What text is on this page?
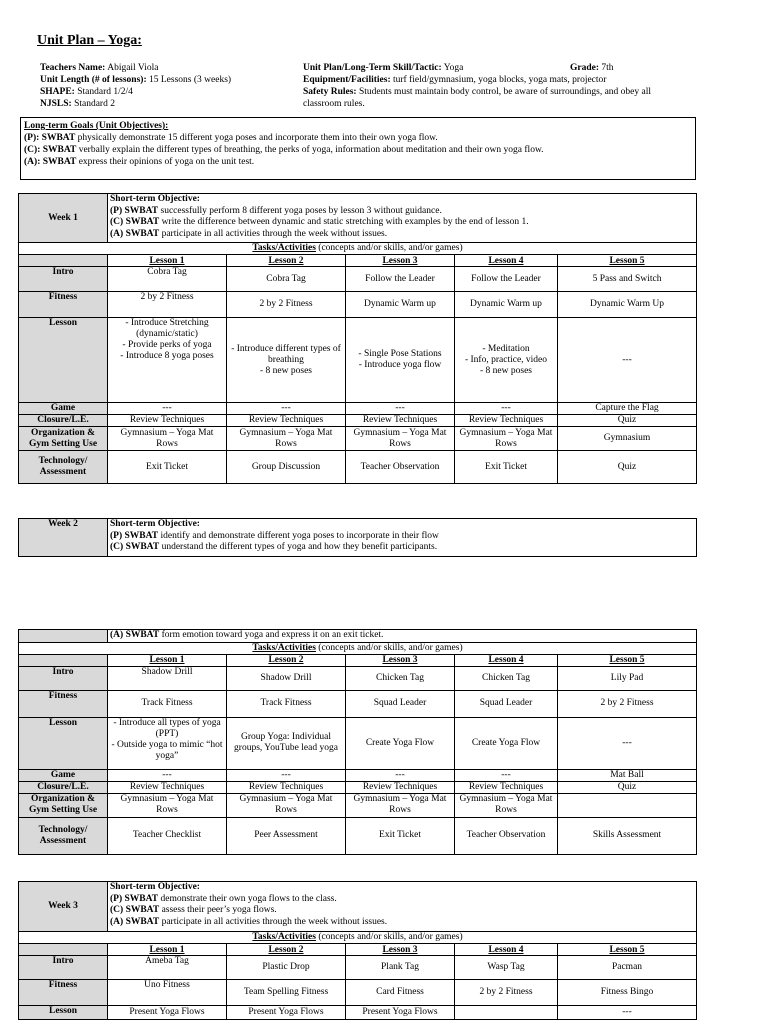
Unit Plan – Yoga:
Teachers Name: Abigail Viola
Unit Length (# of lessons): 15 Lessons (3 weeks)
SHAPE: Standard 1/2/4
NJSLS: Standard 2
Unit Plan/Long-Term Skill/Tactic: Yoga
Equipment/Facilities: turf field/gymnasium, yoga blocks, yoga mats, projector
Safety Rules: Students must maintain body control, be aware of surroundings, and obey all classroom rules.
Grade: 7th
Long-term Goals (Unit Objectives):
(P): SWBAT physically demonstrate 15 different yoga poses and incorporate them into their own yoga flow.
(C): SWBAT verbally explain the different types of breathing, the perks of yoga, information about meditation and their own yoga flow.
(A): SWBAT express their opinions of yoga on the unit test.
Week 1	Short-term Objective:
(P) SWBAT successfully perform 8 different yoga poses by lesson 3 without guidance.
(C) SWBAT write the difference between dynamic and static stretching with examples by the end of lesson 1.
(A) SWBAT participate in all activities through the week without issues.				

Tasks/Activities (concepts and/or skills, and/or games)					
	Lesson 1	Lesson 2	Lesson 3	Lesson 4	Lesson 5
Intro	Cobra Tag	Cobra Tag	Follow the Leader	Follow the Leader	5 Pass and Switch
Fitness	2 by 2 Fitness	2 by 2 Fitness	Dynamic Warm up	Dynamic Warm up	Dynamic Warm Up
Lesson	- Introduce Stretching (dynamic/static)
- Provide perks of yoga
- Introduce 8 yoga poses	- Introduce different types of breathing
- 8 new poses	- Single Pose Stations
- Introduce yoga flow	- Meditation
- Info, practice, video
- 8 new poses	---
Game	---	---	---	---	Capture the Flag
Closure/L.E.	Review Techniques	Review Techniques	Review Techniques	Review Techniques	Quiz
Organization & Gym Setting Use	Gymnasium – Yoga Mat Rows	Gymnasium – Yoga Mat Rows	Gymnasium – Yoga Mat Rows	Gymnasium – Yoga Mat Rows	Gymnasium
Technology/ Assessment	Exit Ticket	Group Discussion	Teacher Observation	Exit Ticket	Quiz
Week 2	Short-term Objective:
(P) SWBAT identify and demonstrate different yoga poses to incorporate in their flow
(C) SWBAT understand the different types of yoga and how they benefit participants.
	(A) SWBAT form emotion toward yoga and express it on an exit ticket.				
Tasks/Activities (concepts and/or skills, and/or games)					
	Lesson 1	Lesson 2	Lesson 3	Lesson 4	Lesson 5
Intro	Shadow Drill	Shadow Drill	Chicken Tag	Chicken Tag	Lily Pad
Fitness	Track Fitness	Track Fitness	Squad Leader	Squad Leader	2 by 2 Fitness
Lesson	- Introduce all types of yoga (PPT)
- Outside yoga to mimic “hot yoga”	Group Yoga: Individual groups, YouTube lead yoga	Create Yoga Flow	Create Yoga Flow	---
Game	---	---	---	---	Mat Ball
Closure/L.E.	Review Techniques	Review Techniques	Review Techniques	Review Techniques	Quiz
Organization & Gym Setting Use	Gymnasium – Yoga Mat Rows	Gymnasium – Yoga Mat Rows	Gymnasium – Yoga Mat Rows	Gymnasium – Yoga Mat Rows	
Technology/ Assessment	Teacher Checklist	Peer Assessment	Exit Ticket	Teacher Observation	Skills Assessment
Week 3	Short-term Objective:
(P) SWBAT demonstrate their own yoga flows to the class.
(C) SWBAT assess their peer’s yoga flows.
(A) SWBAT participate in all activities through the week without issues.				

Tasks/Activities (concepts and/or skills, and/or games)					
	Lesson 1	Lesson 2	Lesson 3	Lesson 4	Lesson 5
Intro	Ameba Tag	Plastic Drop	Plank Tag	Wasp Tag	Pacman
Fitness	Uno Fitness	Team Spelling Fitness	Card Fitness	2 by 2 Fitness	Fitness Bingo
Lesson	Present Yoga Flows	Present Yoga Flows	Present Yoga Flows		---
